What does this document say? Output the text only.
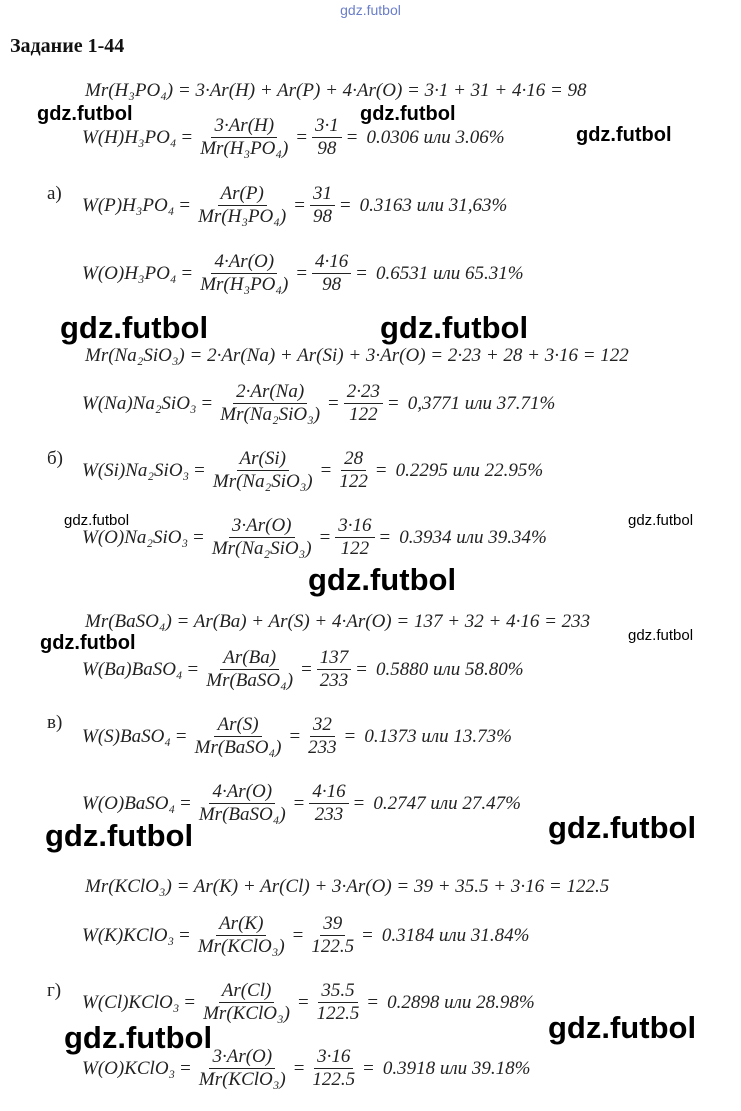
gdz.futbol
Задание 1-44
а)
б)
в)
г)
Mr(H₃PO₄) = 3·Ar(H) + Ar(P) + 4·Ar(O) = 3·1 + 31 + 4·16 = 98
$W(H)H_3PO_4 = \frac{3\cdot Ar(H)}{\text{Mr(H₃PO₄)}} = \frac{3\cdot 1}{98} = 0.0306$ или 3.06%
$W(P)H_3PO_4 = \frac{Ar(P)}{\text{Mr(H₃PO₄)}} = \frac{31}{98} = 0.3163$ или 31,63%
$W(O)H_3PO_4 = \frac{4\cdot Ar(O)}{\text{Mr(H₃PO₄)}} = \frac{4\cdot 16}{98} = 0.6531$ или 65.31%
Mr(Na₂SiO₃) = 2·Ar(Na) + Ar(Si) + 3·Ar(O) = 2·23 + 28 + 3·16 = 122
$W(Na)Na_2SiO_3 = \frac{2\cdot Ar(Na)}{\text{Mr(Na₂SiO₃)}} = \frac{2\cdot 23}{122} = 0,3771$ или 37.71%
$W(Si)Na_2SiO_3 = \frac{Ar(Si)}{\text{Mr(Na₂SiO₃)}} = \frac{28}{122} = 0.2295$ или 22.95%
$W(O)Na_2SiO_3 = \frac{3\cdot Ar(O)}{\text{Mr(Na₂SiO₃)}} = \frac{3\cdot 16}{122} = 0.3934$ или 39.34%
Mr(BaSO₄) = Ar(Ba) + Ar(S) + 4·Ar(O) = 137 + 32 + 4·16 = 233
W(Ba)BaSO₄ = $\frac{Ar(Ba)}{\text{Mr(BaSO₄)}} = \frac{137}{233} = 0.5880$ или 58.80%
W(S)BaSO₄ = $\frac{Ar(S)}{\text{Mr(BaSO₄)}} = \frac{32}{233} = 0.1373$ или 13.73%
W(O)BaSO₄ = $\frac{4\cdot Ar(O)}{\text{Mr(BaSO₄)}} = \frac{4\cdot 16}{233} = 0.2747$ или 27.47%
Mr(KClO₃) = Ar(K) + Ar(Cl) + 3·Ar(O) = 39 + 35.5 + 3·16 = 122.5
W(K)KClO₃ = $\frac{Ar(K)}{\text{Mr(KClO₃)}} = \frac{39}{122.5} = 0.3184$ или 31.84%
W(Cl)KClO₃ = $\frac{Ar(Cl)}{\text{Mr(KClO₃)}} = \frac{35.5}{122.5} = 0.2898$ или 28.98%
W(O)KClO₃ = $\frac{3\cdot Ar(O)}{\text{Mr(KClO₃)}} = \frac{3\cdot 16}{122.5} = 0.3918$ или 39.18%
gdz.futbol	gdz.futbol
gdz.futbol
gdz.futbol	gdz.futbol
gdz.futbol	gdz.futbol
gdz.futbol
gdz.futbol	gdz.futbol
gdz.futbol	gdz.futbol
gdz.futbol	gdz.futbol
